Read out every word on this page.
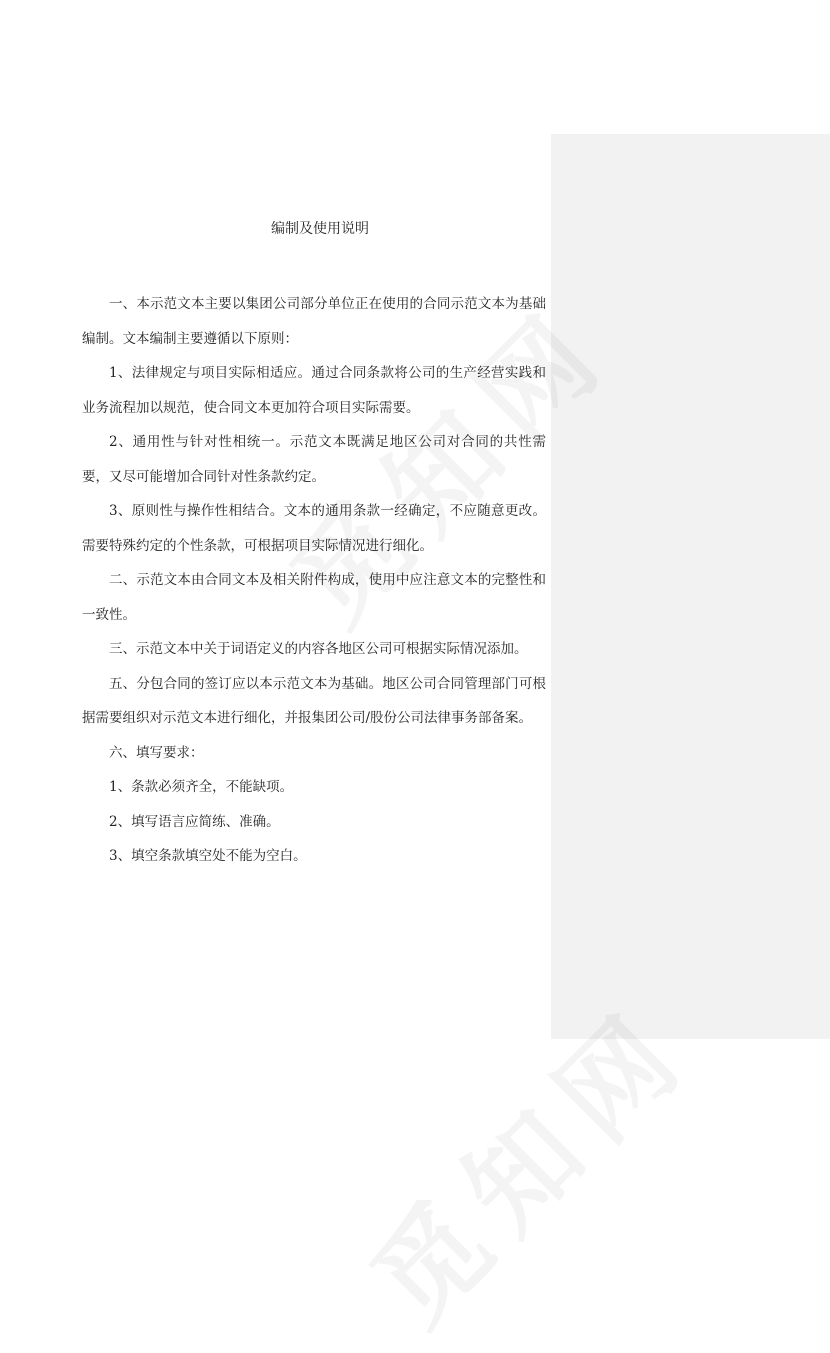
编制及使用说明

一、本示范文本主要以集团公司部分单位正在使用的合同示范文本为基础编制。文本编制主要遵循以下原则：

1、法律规定与项目实际相适应。通过合同条款将公司的生产经营实践和业务流程加以规范，使合同文本更加符合项目实际需要。

2、通用性与针对性相统一。示范文本既满足地区公司对合同的共性需要，又尽可能增加合同针对性条款约定。

3、原则性与操作性相结合。文本的通用条款一经确定，不应随意更改。需要特殊约定的个性条款，可根据项目实际情况进行细化。

二、示范文本由合同文本及相关附件构成，使用中应注意文本的完整性和一致性。

三、示范文本中关于词语定义的内容各地区公司可根据实际情况添加。

五、分包合同的签订应以本示范文本为基础。地区公司合同管理部门可根据需要组织对示范文本进行细化，并报集团公司/股份公司法律事务部备案。

六、填写要求：

1、条款必须齐全，不能缺项。

2、填写语言应简练、准确。

3、填空条款填空处不能为空白。
